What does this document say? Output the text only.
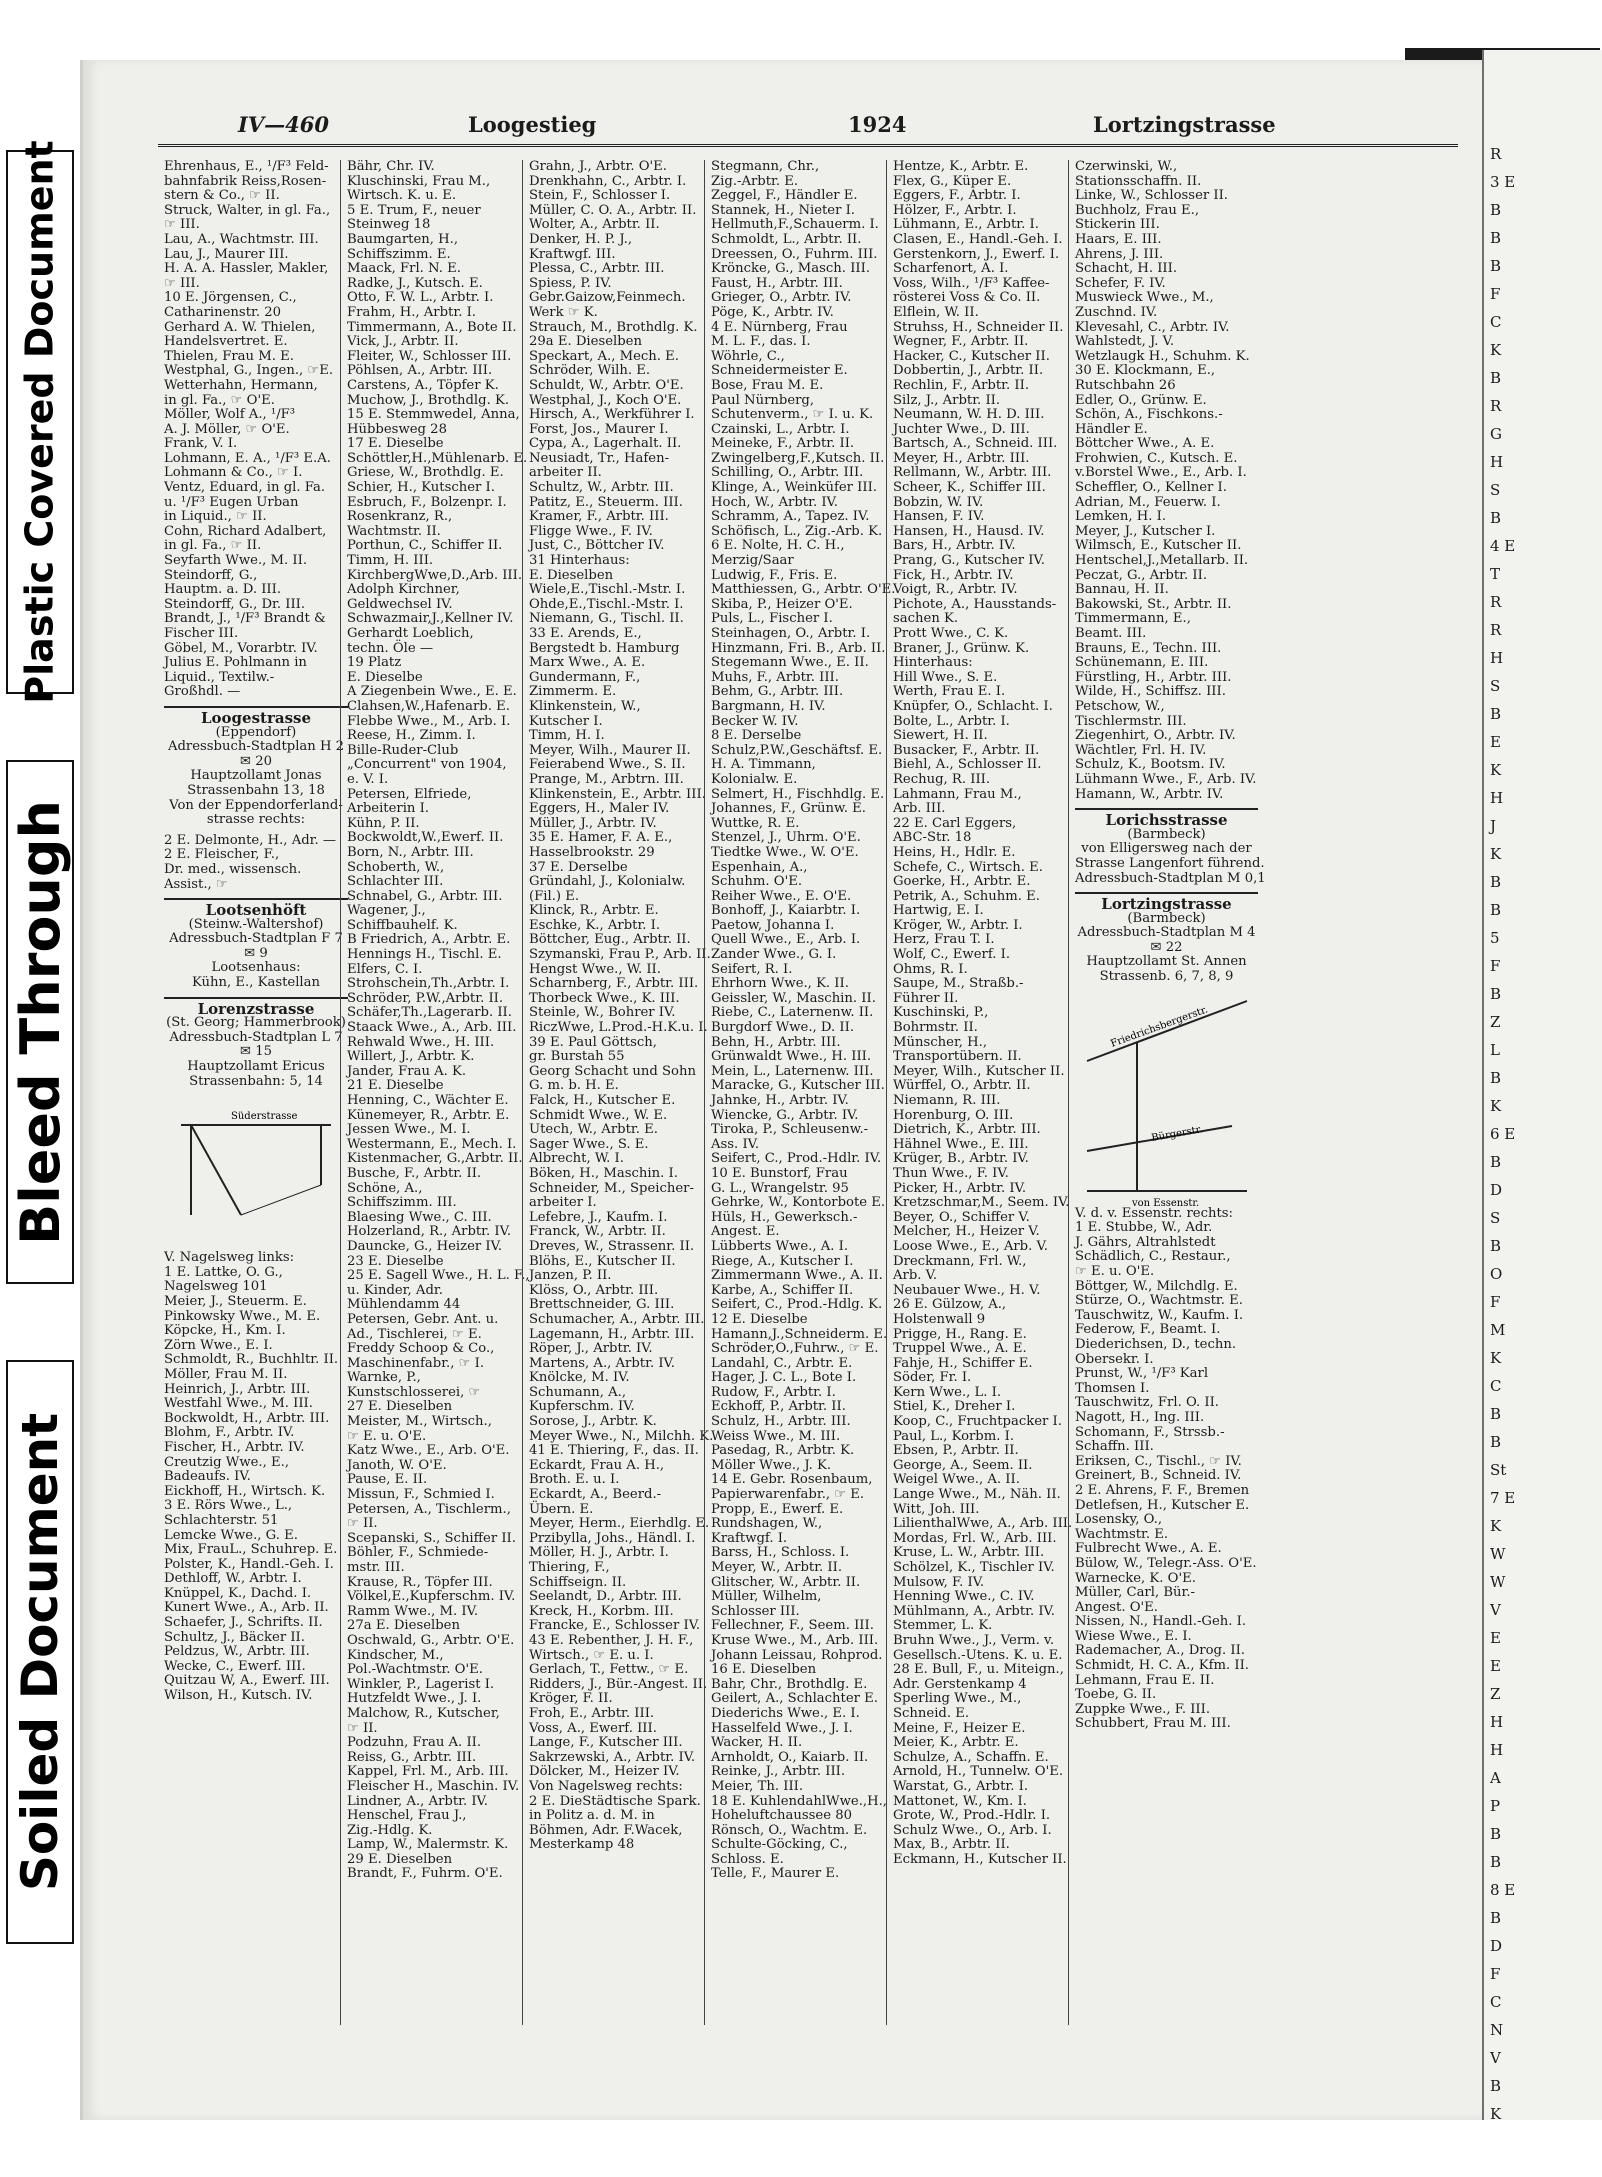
Plastic Covered Document
Bleed Through
Soiled Document
IV—460	Loogestieg	1924	Lortzingstrasse
Ehrenhaus, E., ¹/F³ Feld-
bahnfabrik Reiss,Rosen-
stern & Co., ☞ II.
Struck, Walter, in gl. Fa.,
☞ III.
Lau, A., Wachtmstr. III.
Lau, J., Maurer III.
H. A. A. Hassler, Makler,
☞ III.
10 E. Jörgensen, C.,
Catharinenstr. 20
Gerhard A. W. Thielen,
Handelsvertret. E.
Thielen, Frau M. E.
Westphal, G., Ingen., ☞E.
Wetterhahn, Hermann,
in gl. Fa., ☞ O'E.
Möller, Wolf A., ¹/F³
A. J. Möller, ☞ O'E.
Frank, V. I.
Lohmann, E. A., ¹/F³ E.A.
Lohmann & Co., ☞ I.
Ventz, Eduard, in gl. Fa.
u. ¹/F³ Eugen Urban
in Liquid., ☞ II.
Cohn, Richard Adalbert,
in gl. Fa., ☞ II.
Seyfarth Wwe., M. II.
Steindorff, G.,
Hauptm. a. D. III.
Steindorff, G., Dr. III.
Brandt, J., ¹/F³ Brandt &
Fischer III.
Göbel, M., Vorarbtr. IV.
Julius E. Pohlmann in
Liquid., Textilw.-
Großhdl. —
Loogestrasse
(Eppendorf)
Adressbuch-Stadtplan H 2
✉ 20
Hauptzollamt Jonas
Strassenbahn 13, 18
Von der Eppendorferland-
strasse rechts:
2 E. Delmonte, H., Adr. —
2 E. Fleischer, F.,
Dr. med., wissensch.
Assist., ☞
Lootsenhöft
(Steinw.-Waltershof)
Adressbuch-Stadtplan F 7
✉ 9
Lootsenhaus:
Kühn, E., Kastellan
Lorenzstrasse
(St. Georg; Hammerbrook)
Adressbuch-Stadtplan L 7
✉ 15
Hauptzollamt Ericus
Strassenbahn: 5, 14
Süderstrasse
V. Nagelsweg links:
1 E. Lattke, O. G.,
Nagelsweg 101
Meier, J., Steuerm. E.
Pinkowsky Wwe., M. E.
Köpcke, H., Km. I.
Zörn Wwe., E. I.
Schmoldt, R., Buchhltr. II.
Möller, Frau M. II.
Heinrich, J., Arbtr. III.
Westfahl Wwe., M. III.
Bockwoldt, H., Arbtr. III.
Blohm, F., Arbtr. IV.
Fischer, H., Arbtr. IV.
Creutzig Wwe., E.,
Badeaufs. IV.
Eickhoff, H., Wirtsch. K.
3 E. Rörs Wwe., L.,
Schlachterstr. 51
Lemcke Wwe., G. E.
Mix, FrauL., Schuhrep. E.
Polster, K., Handl.-Geh. I.
Dethloff, W., Arbtr. I.
Knüppel, K., Dachd. I.
Kunert Wwe., A., Arb. II.
Schaefer, J., Schrifts. II.
Schultz, J., Bäcker II.
Peldzus, W., Arbtr. III.
Wecke, C., Ewerf. III.
Quitzau W, A., Ewerf. III.
Wilson, H., Kutsch. IV.
Bähr, Chr. IV.
Kluschinski, Frau M.,
Wirtsch. K. u. E.
5 E. Trum, F., neuer
Steinweg 18
Baumgarten, H.,
Schiffszimm. E.
Maack, Frl. N. E.
Radke, J., Kutsch. E.
Otto, F. W. L., Arbtr. I.
Frahm, H., Arbtr. I.
Timmermann, A., Bote II.
Vick, J., Arbtr. II.
Fleiter, W., Schlosser III.
Pöhlsen, A., Arbtr. III.
Carstens, A., Töpfer K.
Muchow, J., Brothdlg. K.
15 E. Stemmwedel, Anna,
Hübbesweg 28
17 E. Dieselbe
Schöttler,H.,Mühlenarb. E.
Griese, W., Brothdlg. E.
Schier, H., Kutscher I.
Esbruch, F., Bolzenpr. I.
Rosenkranz, R.,
Wachtmstr. II.
Porthun, C., Schiffer II.
Timm, H. III.
KirchbergWwe,D.,Arb. III.
Adolph Kirchner,
Geldwechsel IV.
Schwazmair,J.,Kellner IV.
Gerhardt Loeblich,
techn. Öle —
19 Platz
E. Dieselbe
A Ziegenbein Wwe., E. E.
Clahsen,W.,Hafenarb. E.
Flebbe Wwe., M., Arb. I.
Reese, H., Zimm. I.
Bille-Ruder-Club
„Concurrent" von 1904,
e. V. I.
Petersen, Elfriede,
Arbeiterin I.
Kühn, P. II.
Bockwoldt,W.,Ewerf. II.
Born, N., Arbtr. III.
Schoberth, W.,
Schlachter III.
Schnabel, G., Arbtr. III.
Wagener, J.,
Schiffbauhelf. K.
B Friedrich, A., Arbtr. E.
Hennings H., Tischl. E.
Elfers, C. I.
Strohschein,Th.,Arbtr. I.
Schröder, P.W.,Arbtr. II.
Schäfer,Th.,Lagerarb. II.
Staack Wwe., A., Arb. III.
Rehwald Wwe., H. III.
Willert, J., Arbtr. K.
Jander, Frau A. K.
21 E. Dieselbe
Henning, C., Wächter E.
Künemeyer, R., Arbtr. E.
Jessen Wwe., M. I.
Westermann, E., Mech. I.
Kistenmacher, G.,Arbtr. II.
Busche, F., Arbtr. II.
Schöne, A.,
Schiffszimm. III.
Blaesing Wwe., C. III.
Holzerland, R., Arbtr. IV.
Dauncke, G., Heizer IV.
23 E. Dieselbe
25 E. Sagell Wwe., H. L. F.,
u. Kinder, Adr.
Mühlendamm 44
Petersen, Gebr. Ant. u.
Ad., Tischlerei, ☞ E.
Freddy Schoop & Co.,
Maschinenfabr., ☞ I.
Warnke, P.,
Kunstschlosserei, ☞
27 E. Dieselben
Meister, M., Wirtsch.,
☞ E. u. O'E.
Katz Wwe., E., Arb. O'E.
Janoth, W. O'E.
Pause, E. II.
Missun, F., Schmied I.
Petersen, A., Tischlerm.,
☞ II.
Scepanski, S., Schiffer II.
Böhler, F., Schmiede-
mstr. III.
Krause, R., Töpfer III.
Völkel,E.,Kupferschm. IV.
Ramm Wwe., M. IV.
27a E. Dieselben
Oschwald, G., Arbtr. O'E.
Kindscher, M.,
Pol.-Wachtmstr. O'E.
Winkler, P., Lagerist I.
Hutzfeldt Wwe., J. I.
Malchow, R., Kutscher,
☞ II.
Podzuhn, Frau A. II.
Reiss, G., Arbtr. III.
Kappel, Frl. M., Arb. III.
Fleischer H., Maschin. IV.
Lindner, A., Arbtr. IV.
Henschel, Frau J.,
Zig.-Hdlg. K.
Lamp, W., Malermstr. K.
29 E. Dieselben
Brandt, F., Fuhrm. O'E.
Grahn, J., Arbtr. O'E.
Drenkhahn, C., Arbtr. I.
Stein, F., Schlosser I.
Müller, C. O. A., Arbtr. II.
Wolter, A., Arbtr. II.
Denker, H. P. J.,
Kraftwgf. III.
Plessa, C., Arbtr. III.
Spiess, P. IV.
Gebr.Gaizow,Feinmech.
Werk ☞ K.
Strauch, M., Brothdlg. K.
29a E. Dieselben
Speckart, A., Mech. E.
Schröder, Wilh. E.
Schuldt, W., Arbtr. O'E.
Westphal, J., Koch O'E.
Hirsch, A., Werkführer I.
Forst, Jos., Maurer I.
Cypa, A., Lagerhalt. II.
Neusiadt, Tr., Hafen-
arbeiter II.
Schultz, W., Arbtr. III.
Patitz, E., Steuerm. III.
Kramer, F., Arbtr. III.
Fligge Wwe., F. IV.
Just, C., Böttcher IV.
31 Hinterhaus:
E. Dieselben
Wiele,E.,Tischl.-Mstr. I.
Ohde,E.,Tischl.-Mstr. I.
Niemann, G., Tischl. II.
33 E. Arends, E.,
Bergstedt b. Hamburg
Marx Wwe., A. E.
Gundermann, F.,
Zimmerm. E.
Klinkenstein, W.,
Kutscher I.
Timm, H. I.
Meyer, Wilh., Maurer II.
Feierabend Wwe., S. II.
Prange, M., Arbtrn. III.
Klinkenstein, E., Arbtr. III.
Eggers, H., Maler IV.
Müller, J., Arbtr. IV.
35 E. Hamer, F. A. E.,
Hasselbrookstr. 29
37 E. Derselbe
Gründahl, J., Kolonialw.
(Fil.) E.
Klinck, R., Arbtr. E.
Eschke, K., Arbtr. I.
Böttcher, Eug., Arbtr. II.
Szymanski, Frau P., Arb. II.
Hengst Wwe., W. II.
Scharnberg, F., Arbtr. III.
Thorbeck Wwe., K. III.
Steinle, W., Bohrer IV.
RiczWwe, L.Prod.-H.K.u. I.
39 E. Paul Göttsch,
gr. Burstah 55
Georg Schacht und Sohn
G. m. b. H. E.
Falck, H., Kutscher E.
Schmidt Wwe., W. E.
Utech, W., Arbtr. E.
Sager Wwe., S. E.
Albrecht, W. I.
Böken, H., Maschin. I.
Schneider, M., Speicher-
arbeiter I.
Lefebre, J., Kaufm. I.
Franck, W., Arbtr. II.
Dreves, W., Strassenr. II.
Blöhs, E., Kutscher II.
Janzen, P. II.
Klöss, O., Arbtr. III.
Brettschneider, G. III.
Schumacher, A., Arbtr. III.
Lagemann, H., Arbtr. III.
Röper, J., Arbtr. IV.
Martens, A., Arbtr. IV.
Knölcke, M. IV.
Schumann, A.,
Kupferschm. IV.
Sorose, J., Arbtr. K.
Meyer Wwe., N., Milchh. K.
41 E. Thiering, F., das. II.
Eckardt, Frau A. H.,
Broth. E. u. I.
Eckardt, A., Beerd.-
Übern. E.
Meyer, Herm., Eierhdlg. E.
Przibylla, Johs., Händl. I.
Möller, H. J., Arbtr. I.
Thiering, F.,
Schiffseign. II.
Seelandt, D., Arbtr. III.
Kreck, H., Korbm. III.
Francke, E., Schlosser IV.
43 E. Rebenther, J. H. F.,
Wirtsch., ☞ E. u. I.
Gerlach, T., Fettw., ☞ E.
Ridders, J., Bür.-Angest. II.
Kröger, F. II.
Froh, E., Arbtr. III.
Voss, A., Ewerf. III.
Lange, F., Kutscher III.
Sakrzewski, A., Arbtr. IV.
Dölcker, M., Heizer IV.
Von Nagelsweg rechts:
2 E. DieStädtische Spark.
in Politz a. d. M. in
Böhmen, Adr. F.Wacek,
Mesterkamp 48
Stegmann, Chr.,
Zig.-Arbtr. E.
Zeggel, F., Händler E.
Stannek, H., Nieter I.
Hellmuth,F.,Schauerm. I.
Schmoldt, L., Arbtr. II.
Dreessen, O., Fuhrm. III.
Kröncke, G., Masch. III.
Faust, H., Arbtr. III.
Grieger, O., Arbtr. IV.
Pöge, K., Arbtr. IV.
4 E. Nürnberg, Frau
M. L. F., das. I.
Wöhrle, C.,
Schneidermeister E.
Bose, Frau M. E.
Paul Nürnberg,
Schutenverm., ☞ I. u. K.
Czainski, L., Arbtr. I.
Meineke, F., Arbtr. II.
Zwingelberg,F.,Kutsch. II.
Schilling, O., Arbtr. III.
Klinge, A., Weinküfer III.
Hoch, W., Arbtr. IV.
Schramm, A., Tapez. IV.
Schöfisch, L., Zig.-Arb. K.
6 E. Nolte, H. C. H.,
Merzig/Saar
Ludwig, F., Fris. E.
Matthiessen, G., Arbtr. O'E.
Skiba, P., Heizer O'E.
Puls, L., Fischer I.
Steinhagen, O., Arbtr. I.
Hinzmann, Fri. B., Arb. II.
Stegemann Wwe., E. II.
Muhs, F., Arbtr. III.
Behm, G., Arbtr. III.
Bargmann, H. IV.
Becker W. IV.
8 E. Derselbe
Schulz,P.W.,Geschäftsf. E.
H. A. Timmann,
Kolonialw. E.
Selmert, H., Fischhdlg. E.
Johannes, F., Grünw. E.
Wuttke, R. E.
Stenzel, J., Uhrm. O'E.
Tiedtke Wwe., W. O'E.
Espenhain, A.,
Schuhm. O'E.
Reiher Wwe., E. O'E.
Bonhoff, J., Kaiarbtr. I.
Paetow, Johanna I.
Quell Wwe., E., Arb. I.
Zander Wwe., G. I.
Seifert, R. I.
Ehrhorn Wwe., K. II.
Geissler, W., Maschin. II.
Riebe, C., Laternenw. II.
Burgdorf Wwe., D. II.
Behn, H., Arbtr. III.
Grünwaldt Wwe., H. III.
Mein, L., Laternenw. III.
Maracke, G., Kutscher III.
Jahnke, H., Arbtr. IV.
Wiencke, G., Arbtr. IV.
Tiroka, P., Schleusenw.-
Ass. IV.
Seifert, C., Prod.-Hdlr. IV.
10 E. Bunstorf, Frau
G. L., Wrangelstr. 95
Gehrke, W., Kontorbote E.
Hüls, H., Gewerksch.-
Angest. E.
Lübberts Wwe., A. I.
Riege, A., Kutscher I.
Zimmermann Wwe., A. II.
Karbe, A., Schiffer II.
Seifert, C., Prod.-Hdlg. K.
12 E. Dieselbe
Hamann,J.,Schneiderm. E.
Schröder,O.,Fuhrw., ☞ E.
Landahl, C., Arbtr. E.
Hager, J. C. L., Bote I.
Rudow, F., Arbtr. I.
Eckhoff, P., Arbtr. II.
Schulz, H., Arbtr. III.
Weiss Wwe., M. III.
Pasedag, R., Arbtr. K.
Möller Wwe., J. K.
14 E. Gebr. Rosenbaum,
Papierwarenfabr., ☞ E.
Propp, E., Ewerf. E.
Rundshagen, W.,
Kraftwgf. I.
Barss, H., Schloss. I.
Meyer, W., Arbtr. II.
Glitscher, W., Arbtr. II.
Müller, Wilhelm,
Schlosser III.
Fellechner, F., Seem. III.
Kruse Wwe., M., Arb. III.
Johann Leissau, Rohprod.
16 E. Dieselben
Bahr, Chr., Brothdlg. E.
Geilert, A., Schlachter E.
Diederichs Wwe., E. I.
Hasselfeld Wwe., J. I.
Wacker, H. II.
Arnholdt, O., Kaiarb. II.
Reinke, J., Arbtr. III.
Meier, Th. III.
18 E. KuhlendahlWwe.,H.,
Hoheluftchaussee 80
Rönsch, O., Wachtm. E.
Schulte-Göcking, C.,
Schloss. E.
Telle, F., Maurer E.
Hentze, K., Arbtr. E.
Flex, G., Küper E.
Eggers, F., Arbtr. I.
Hölzer, F., Arbtr. I.
Lühmann, E., Arbtr. I.
Clasen, E., Handl.-Geh. I.
Gerstenkorn, J., Ewerf. I.
Scharfenort, A. I.
Voss, Wilh., ¹/F³ Kaffee-
rösterei Voss & Co. II.
Elflein, W. II.
Struhss, H., Schneider II.
Wegner, F., Arbtr. II.
Hacker, C., Kutscher II.
Dobbertin, J., Arbtr. II.
Rechlin, F., Arbtr. II.
Silz, J., Arbtr. II.
Neumann, W. H. D. III.
Juchter Wwe., D. III.
Bartsch, A., Schneid. III.
Meyer, H., Arbtr. III.
Rellmann, W., Arbtr. III.
Scheer, K., Schiffer III.
Bobzin, W. IV.
Hansen, F. IV.
Hansen, H., Hausd. IV.
Bars, H., Arbtr. IV.
Prang, G., Kutscher IV.
Fick, H., Arbtr. IV.
Voigt, R., Arbtr. IV.
Pichote, A., Hausstands-
sachen K.
Prott Wwe., C. K.
Braner, J., Grünw. K.
Hinterhaus:
Hill Wwe., S. E.
Werth, Frau E. I.
Knüpfer, O., Schlacht. I.
Bolte, L., Arbtr. I.
Siewert, H. II.
Busacker, F., Arbtr. II.
Biehl, A., Schlosser II.
Rechug, R. III.
Lahmann, Frau M.,
Arb. III.
22 E. Carl Eggers,
ABC-Str. 18
Heins, H., Hdlr. E.
Schefe, C., Wirtsch. E.
Goerke, H., Arbtr. E.
Petrik, A., Schuhm. E.
Hartwig, E. I.
Kröger, W., Arbtr. I.
Herz, Frau T. I.
Wolf, C., Ewerf. I.
Ohms, R. I.
Saupe, M., Straßb.-
Führer II.
Kuschinski, P.,
Bohrmstr. II.
Münscher, H.,
Transportübern. II.
Meyer, Wilh., Kutscher II.
Würffel, O., Arbtr. II.
Niemann, R. III.
Horenburg, O. III.
Dietrich, K., Arbtr. III.
Hähnel Wwe., E. III.
Krüger, B., Arbtr. IV.
Thun Wwe., F. IV.
Picker, H., Arbtr. IV.
Kretzschmar,M., Seem. IV.
Beyer, O., Schiffer V.
Melcher, H., Heizer V.
Loose Wwe., E., Arb. V.
Dreckmann, Frl. W.,
Arb. V.
Neubauer Wwe., H. V.
26 E. Gülzow, A.,
Holstenwall 9
Prigge, H., Rang. E.
Truppel Wwe., A. E.
Fahje, H., Schiffer E.
Söder, Fr. I.
Kern Wwe., L. I.
Stiel, K., Dreher I.
Koop, C., Fruchtpacker I.
Paul, L., Korbm. I.
Ebsen, P., Arbtr. II.
George, A., Seem. II.
Weigel Wwe., A. II.
Lange Wwe., M., Näh. II.
Witt, Joh. III.
LilienthalWwe, A., Arb. III.
Mordas, Frl. W., Arb. III.
Kruse, L. W., Arbtr. III.
Schölzel, K., Tischler IV.
Mulsow, F. IV.
Henning Wwe., C. IV.
Mühlmann, A., Arbtr. IV.
Stemmer, L. K.
Bruhn Wwe., J., Verm. v.
Gesellsch.-Utens. K. u. E.
28 E. Bull, F., u. Miteign.,
Adr. Gerstenkamp 4
Sperling Wwe., M.,
Schneid. E.
Meine, F., Heizer E.
Meier, K., Arbtr. E.
Schulze, A., Schaffn. E.
Arnold, H., Tunnelw. O'E.
Warstat, G., Arbtr. I.
Mattonet, W., Km. I.
Grote, W., Prod.-Hdlr. I.
Schulz Wwe., O., Arb. I.
Max, B., Arbtr. II.
Eckmann, H., Kutscher II.
Czerwinski, W.,
Stationsschaffn. II.
Linke, W., Schlosser II.
Buchholz, Frau E.,
Stickerin III.
Haars, E. III.
Ahrens, J. III.
Schacht, H. III.
Schefer, F. IV.
Muswieck Wwe., M.,
Zuschnd. IV.
Klevesahl, C., Arbtr. IV.
Wahlstedt, J. V.
Wetzlaugk H., Schuhm. K.
30 E. Klockmann, E.,
Rutschbahn 26
Edler, O., Grünw. E.
Schön, A., Fischkons.-
Händler E.
Böttcher Wwe., A. E.
Frohwien, C., Kutsch. E.
v.Borstel Wwe., E., Arb. I.
Scheffler, O., Kellner I.
Adrian, M., Feuerw. I.
Lemken, H. I.
Meyer, J., Kutscher I.
Wilmsch, E., Kutscher II.
Hentschel,J.,Metallarb. II.
Peczat, G., Arbtr. II.
Bannau, H. II.
Bakowski, St., Arbtr. II.
Timmermann, E.,
Beamt. III.
Brauns, E., Techn. III.
Schünemann, E. III.
Fürstling, H., Arbtr. III.
Wilde, H., Schiffsz. III.
Petschow, W.,
Tischlermstr. III.
Ziegenhirt, O., Arbtr. IV.
Wächtler, Frl. H. IV.
Schulz, K., Bootsm. IV.
Lühmann Wwe., F., Arb. IV.
Hamann, W., Arbtr. IV.
Lorichsstrasse
(Barmbeck)
von Elligersweg nach der
Strasse Langenfort führend.
Adressbuch-Stadtplan M 0,1
Lortzingstrasse
(Barmbeck)
Adressbuch-Stadtplan M 4
✉ 22
Hauptzollamt St. Annen
Strassenb. 6, 7, 8, 9
Friedrichsbergerstr.
Bürgerstr.
von Essenstr.
V. d. v. Essenstr. rechts:
1 E. Stubbe, W., Adr.
J. Gährs, Altrahlstedt
Schädlich, C., Restaur.,
☞ E. u. O'E.
Böttger, W., Milchdlg. E.
Stürze, O., Wachtmstr. E.
Tauschwitz, W., Kaufm. I.
Federow, F., Beamt. I.
Diederichsen, D., techn.
Obersekr. I.
Prunst, W., ¹/F³ Karl
Thomsen I.
Tauschwitz, Frl. O. II.
Nagott, H., Ing. III.
Schomann, F., Strssb.-
Schaffn. III.
Eriksen, C., Tischl., ☞ IV.
Greinert, B., Schneid. IV.
2 E. Ahrens, F. F., Bremen
Detlefsen, H., Kutscher E.
Losensky, O.,
Wachtmstr. E.
Fulbrecht Wwe., A. E.
Bülow, W., Telegr.-Ass. O'E.
Warnecke, K. O'E.
Müller, Carl, Bür.-
Angest. O'E.
Nissen, N., Handl.-Geh. I.
Wiese Wwe., E. I.
Rademacher, A., Drog. II.
Schmidt, H. C. A., Kfm. II.
Lehmann, Frau E. II.
Toebe, G. II.
Zuppke Wwe., F. III.
Schubbert, Frau M. III.
R
3 E
B
B
B
F
C
K
B
R
G
H
S
B
4 E
T
R
R
H
S
B
E
K
H
J
K
B
B
5
F
B
Z
L
B
K
6 E
B
D
S
B
O
F
M
K
C
B
B
St
7 E
K
W
W
V
E
E
Z
H
H
A
P
B
B
8 E
B
D
F
C
N
V
B
K
